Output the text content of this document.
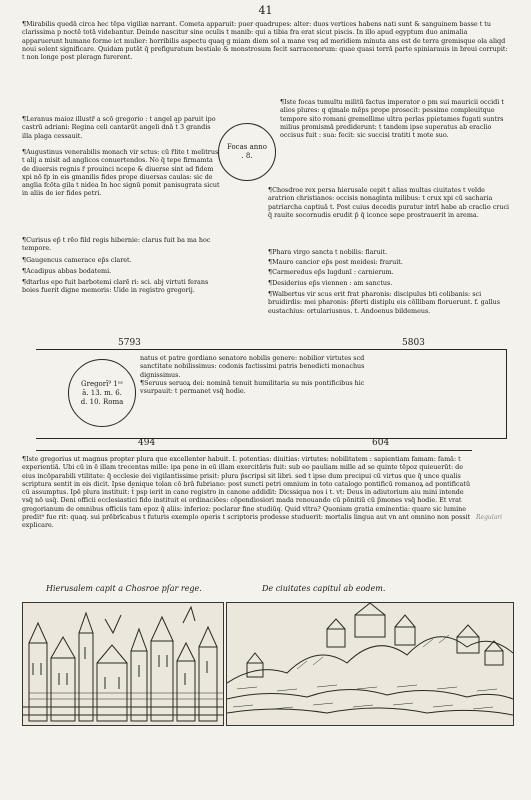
41
¶Mirabilis quedā circa hec tēpa vigiliæ narrant. Cometa apparuit: puer quadrupes: alter: duos vertices habens nati sunt & sanguinem basse t tu clarissima p noctē totā videbantur. Deinde nascitur sine oculis t manib: qui a tibia fra erat sicut piscis. In illo apud egyptum duo animalia apparuerunt humane forme ict mulier: horribilis aspectu quaq g miam diem sol a mane vsq ad meridiem minuta ans est de terra gremisque ola aliqd noui solent significare. Quidam putāt q̄ prefiguratum bestiale & monstrosum fecit sarracenorum: quae quasi terrā parte spiniarauis in breui corrupit: t non longe post pleragn furerent.
¶Leranus maioz illustr̄ a scō gregorio : t angel ap paruit ipo castrū adriani: Regina celi cantarūt angeli dnā t̄ 3 grandis illa plaga cessauit.
¶Augustinus venerabilis monach̄ vir sctus: cū r̄lite t melitrus t alij a misit ad anglicos conuertendos. No q̄ tepe firmamta de diuersis regnis r̄ prouinci ncepe & diuerse sint ad fidem xpi nō fp in eis gmanilis fides prope diuersas caulas: sic de anglia fcōta gila t nidea In hoc signū pomit panisugrata sicut in aliis de ier fides petri.
¶Curisus ep̄ t rēo fild regis hibernie: clarus fuit ba ma hoc tempore.
¶Gaugencus camerace ep̄s claret.
¶Acadipus abbas bodatemi.
¶dtarlus epo fuit barbotemi clarē ri: sci. abj virtuti ferans boies fuerit digne memoris: Uide in registro gregorij.
Focas anno
. 8.
¶Iste focas tumultu militū factus imperator o pm sui mauricii occidi t alios plures: q qimale mēps prope prosecit: pessime compleuitque tempore sito romani gremellime ultra perlas ppietames fugati suntrs milius promismā prediderunt: t tandem ipse superatus ab eraclio occisus fuit : sua: fecit: sic succisi tratiti t mote suo.
¶Chosdroe rex persa hierusale cepit t alias multas ciuitates t velde aratrion christianos: occisis nonaginta milibus: t crux xpi cū sacharia patriarcha captiuā t. Post cuius decedis puratur intrī habe ab craclio cruci q̄ rauite socornudis erudit p̄ q̄ iconce sepe prostrauerit in arema.
¶Phara virgo sancta t nobilis: flaruit.
¶Mauro cancior ep̄s post meidesi: fraruit.
¶Carmeredus ep̄s lugdunī : carnierum.
¶Desiderius ep̄s viennen : am sanctus.
¶Walbertus vir scus erit frat pharonis: discipulus bti colibanis: sci bruidirdis: mei pharonis: p̄ferti distiplu eis cōllibam floruerunt. f. gallus eustachius: ortulariusnus. t. Andoenus bildemeus.
5793	5803
Gregorī⁹ 1ᵘˢ
ā. 13. m. 6.
d. 10. Roma
natus et patre gordiano senatore nobilis genere: nobilior virtutes scd sanctitate nobilissimus: codonis factissimi patris benedicti monachus dignissimus.
¶Seruus seruoꝝ dei: nominā tenuit humilitaria su mis pontificibus hic vsurpauit: t permanet vsq̄ hodie.
494	604
¶Iste gregorius ut magnus propter plura que excellenter habuit. I. potentias: diuitias: virtutes: nobilitatem : sapientiam famam: famā: t experientiā. Ubi cū in ē illam trecentas mille: ipa pene in eū illam exercitāris fuit: sub eo pauliam mille ad se quinte tēpoz quieuerūt: de eius incōparabili vtilitate: q̄ ecclesie dei vigilantissime prisit: plura p̄scripsi sit libri. sed t ipse dum precipui cū virtus que q̄ unce qualis scriptura sentit in eis dicit. Ipse denique tolan cō brā fubriano: post suncti petri omnium in toto catalogo pontificū romanoꝝ ad pontificatū cū assumptus. Ipē plura instituit: t̄ psp ierit in cano registro in canone addidit: Dicssiqua nos i t. vt: Deus in adiutorium aiu mini intende vsq̄ nō usq̄. Deni officii ecclesiastici fido instituit ei ordinaciōes: cōpendiosiori mada renouando cū pōnitiū cū p̄mones vsq̄ hodie. Et vrat gregorianum de omnibus officiis tam epoz q̄ aliis: inferioz: poclarar fine studiūq. Quid vltra? Quoniam gratia eminentia: quare sic lumine predit⁹ fue rit: quaq. sui prēbrīcabus t futuris exemplo operis t scriptoris prodesse studuerit: mortalis lingua aut vn ant omnino non possit explicare.
Regulari
Hierusalem capit a Chosroe pſar rege.	De ciuitates capitul ab eodem.
